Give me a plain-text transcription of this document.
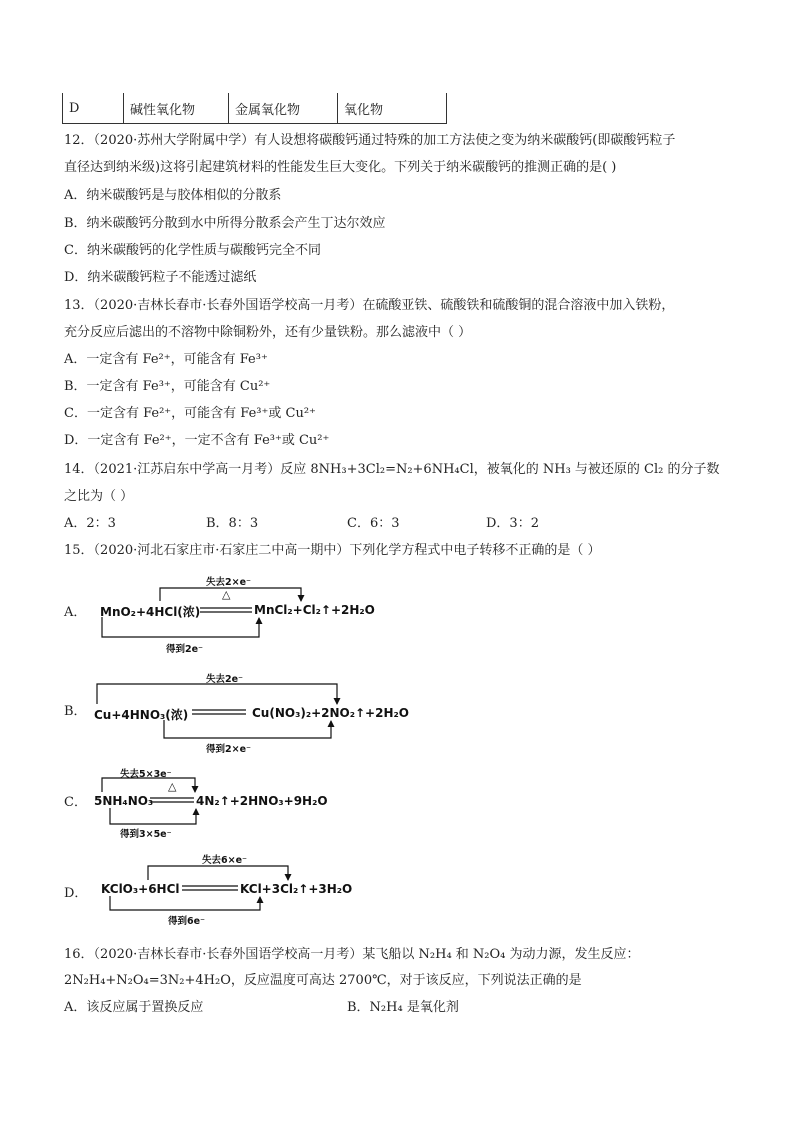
D	碱性氧化物	金属氧化物	氧化物
12．（2020·苏州大学附属中学）有人设想将碳酸钙通过特殊的加工方法使之变为纳米碳酸钙(即碳酸钙粒子
直径达到纳米级)这将引起建筑材料的性能发生巨大变化。下列关于纳米碳酸钙的推测正确的是( )
A．纳米碳酸钙是与胶体相似的分散系
B．纳米碳酸钙分散到水中所得分散系会产生丁达尔效应
C．纳米碳酸钙的化学性质与碳酸钙完全不同
D．纳米碳酸钙粒子不能透过滤纸
13．（2020·吉林长春市·长春外国语学校高一月考）在硫酸亚铁、硫酸铁和硫酸铜的混合溶液中加入铁粉，
充分反应后滤出的不溶物中除铜粉外，还有少量铁粉。那么滤液中（ ）
A．一定含有 Fe²⁺，可能含有 Fe³⁺
B．一定含有 Fe³⁺，可能含有 Cu²⁺
C．一定含有 Fe²⁺，可能含有 Fe³⁺或 Cu²⁺
D．一定含有 Fe²⁺，一定不含有 Fe³⁺或 Cu²⁺
14．（2021·江苏启东中学高一月考）反应 8NH₃+3Cl₂=N₂+6NH₄Cl，被氧化的 NH₃ 与被还原的 Cl₂ 的分子数
之比为（ ）
A．2：3	B．8：3	C．6：3	D．3：2
15．（2020·河北石家庄市·石家庄二中高一期中）下列化学方程式中电子转移不正确的是（ ）
A． MnO₂+4HCl(浓)	MnCl₂+Cl₂↑+2H₂O
△
失去2×e⁻
得到2e⁻
B． Cu+4HNO₃(浓)	Cu(NO₃)₂+2NO₂↑+2H₂O
失去2e⁻
得到2×e⁻
C． 5NH₄NO₃	4N₂↑+2HNO₃+9H₂O
△
失去5×3e⁻
得到3×5e⁻
D． KClO₃+6HCl	KCl+3Cl₂↑+3H₂O
失去6×e⁻
得到6e⁻
16．（2020·吉林长春市·长春外国语学校高一月考）某飞船以 N₂H₄ 和 N₂O₄ 为动力源，发生反应：
2N₂H₄+N₂O₄=3N₂+4H₂O，反应温度可高达 2700℃，对于该反应，下列说法正确的是
A．该反应属于置换反应	B．N₂H₄ 是氧化剂
